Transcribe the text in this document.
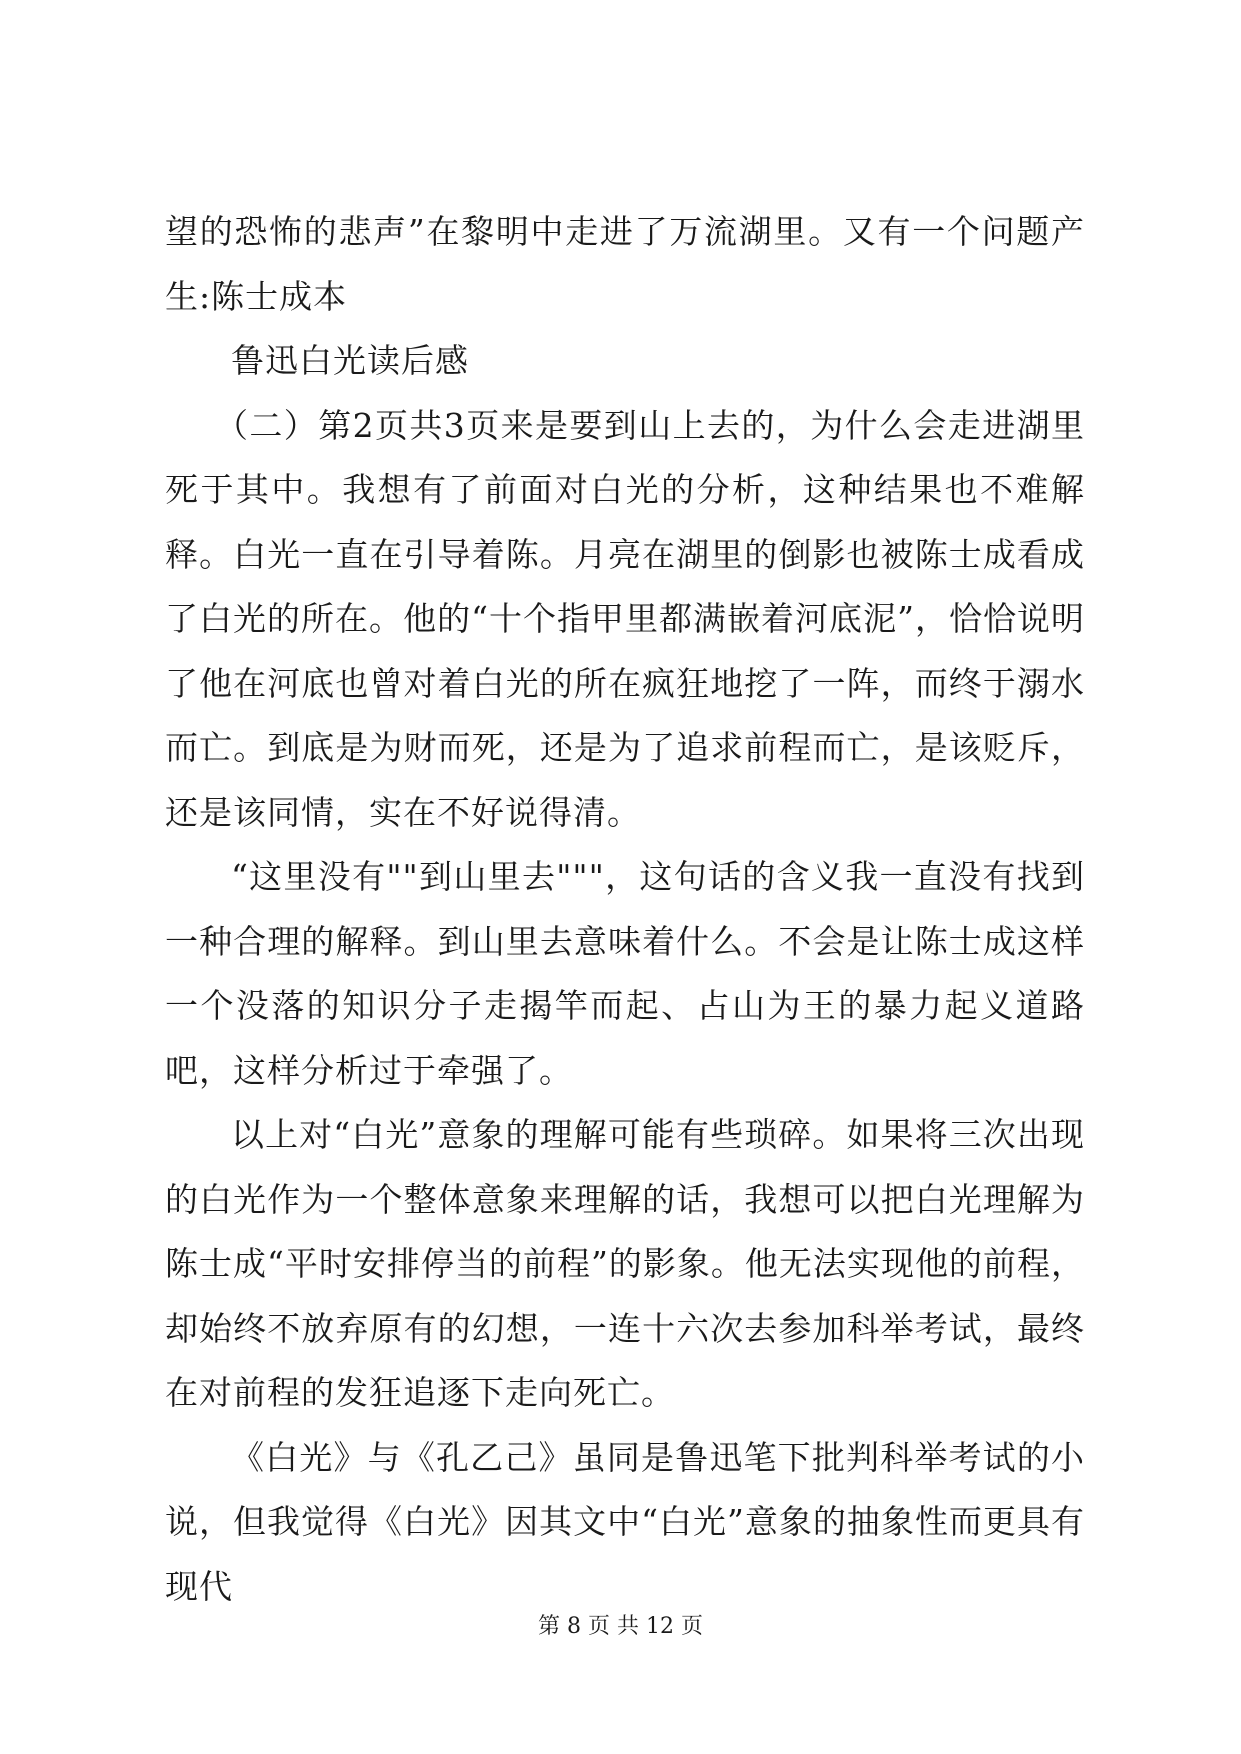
望的恐怖的悲声”在黎明中走进了万流湖里。又有一个问题产生:陈士成本

鲁迅白光读后感

（二）第2页共3页来是要到山上去的，为什么会走进湖里死于其中。我想有了前面对白光的分析，这种结果也不难解释。白光一直在引导着陈。月亮在湖里的倒影也被陈士成看成了白光的所在。他的“十个指甲里都满嵌着河底泥”，恰恰说明了他在河底也曾对着白光的所在疯狂地挖了一阵，而终于溺水而亡。到底是为财而死，还是为了追求前程而亡，是该贬斥，还是该同情，实在不好说得清。

“这里没有""到山里去"""，这句话的含义我一直没有找到一种合理的解释。到山里去意味着什么。不会是让陈士成这样一个没落的知识分子走揭竿而起、占山为王的暴力起义道路吧，这样分析过于牵强了。

以上对“白光”意象的理解可能有些琐碎。如果将三次出现的白光作为一个整体意象来理解的话，我想可以把白光理解为陈士成“平时安排停当的前程”的影象。他无法实现他的前程，却始终不放弃原有的幻想，一连十六次去参加科举考试，最终在对前程的发狂追逐下走向死亡。

《白光》与《孔乙己》虽同是鲁迅笔下批判科举考试的小说，但我觉得《白光》因其文中“白光”意象的抽象性而更具有现代

第 8 页 共 12 页
